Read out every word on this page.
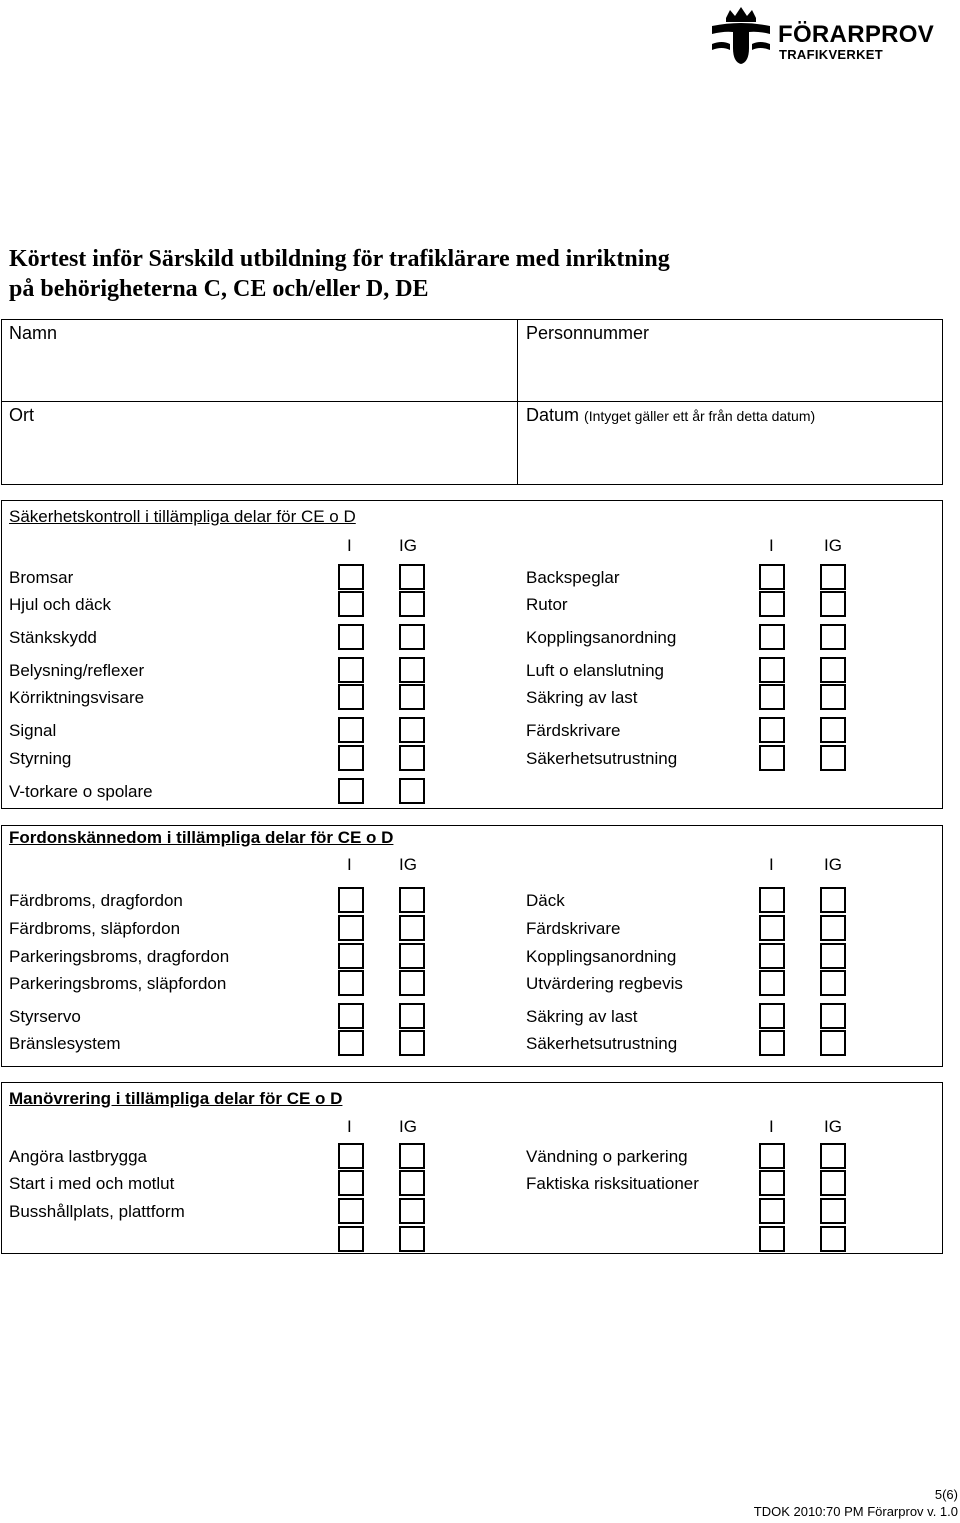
FÖRARPROV
TRAFIKVERKET
Körtest inför Särskild utbildning för trafiklärare med inriktning
på behörigheterna C, CE och/eller D, DE
Namn	Personnummer
Ort	Datum (Intyget gäller ett år från detta datum)
Säkerhetskontroll i tillämpliga delar för CE o D
Fordonskännedom i tillämpliga delar för CE o D
Manövrering i tillämpliga delar för CE o D
I	IG	I	IG
I	IG	I	IG
I	IG	I	IG
Bromsar	Backspeglar
Hjul och däck	Rutor
Stänkskydd	Kopplingsanordning
Belysning/reflexer	Luft o elanslutning
Körriktningsvisare	Säkring av last
Signal	Färdskrivare
Styrning	Säkerhetsutrustning
V-torkare o spolare
Färdbroms, dragfordon	Däck
Färdbroms, släpfordon	Färdskrivare
Parkeringsbroms, dragfordon	Kopplingsanordning
Parkeringsbroms, släpfordon	Utvärdering regbevis
Styrservo	Säkring av last
Bränslesystem	Säkerhetsutrustning
Angöra lastbrygga	Vändning o parkering
Start i med och motlut	Faktiska risksituationer
Busshållplats, plattform
5(6)
TDOK 2010:70 PM Förarprov v. 1.0
